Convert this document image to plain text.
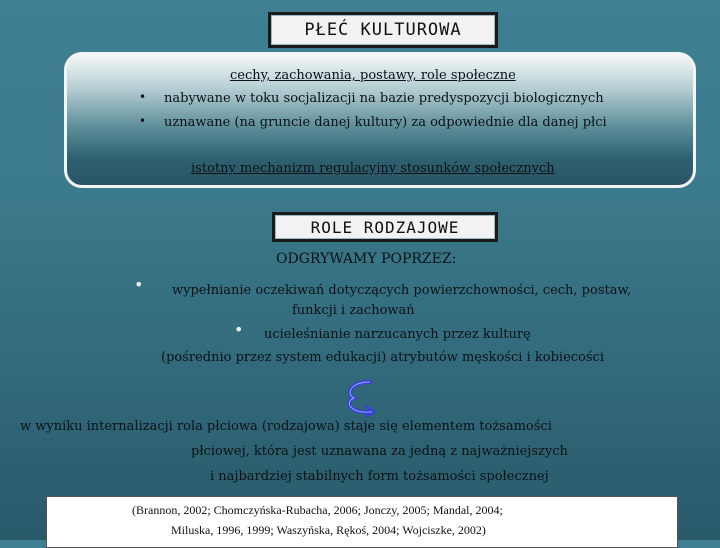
PŁEĆ KULTUROWA
cechy, zachowania, postawy, role społeczne
• nabywane w toku socjalizacji na bazie predyspozycji biologicznych
• uznawane (na gruncie danej kultury) za odpowiednie dla danej płci
istotny mechanizm regulacyjny stosunków społecznych
ROLE RODZAJOWE
ODGRYWAMY POPRZEZ:
• wypełnianie oczekiwań dotyczących powierzchowności, cech, postaw,
funkcji i zachowań
• ucieleśnianie narzucanych przez kulturę
(pośrednio przez system edukacji) atrybutów męskości i kobiecości
w wyniku internalizacji rola płciowa (rodzajowa) staje się elementem tożsamości
płciowej, która jest uznawana za jedną z najważniejszych
i najbardziej stabilnych form tożsamości społecznej
(Brannon, 2002; Chomczyńska-Rubacha, 2006; Jonczy, 2005; Mandal, 2004;
Miluska, 1996, 1999; Waszyńska, Rękoś, 2004; Wojciszke, 2002)
